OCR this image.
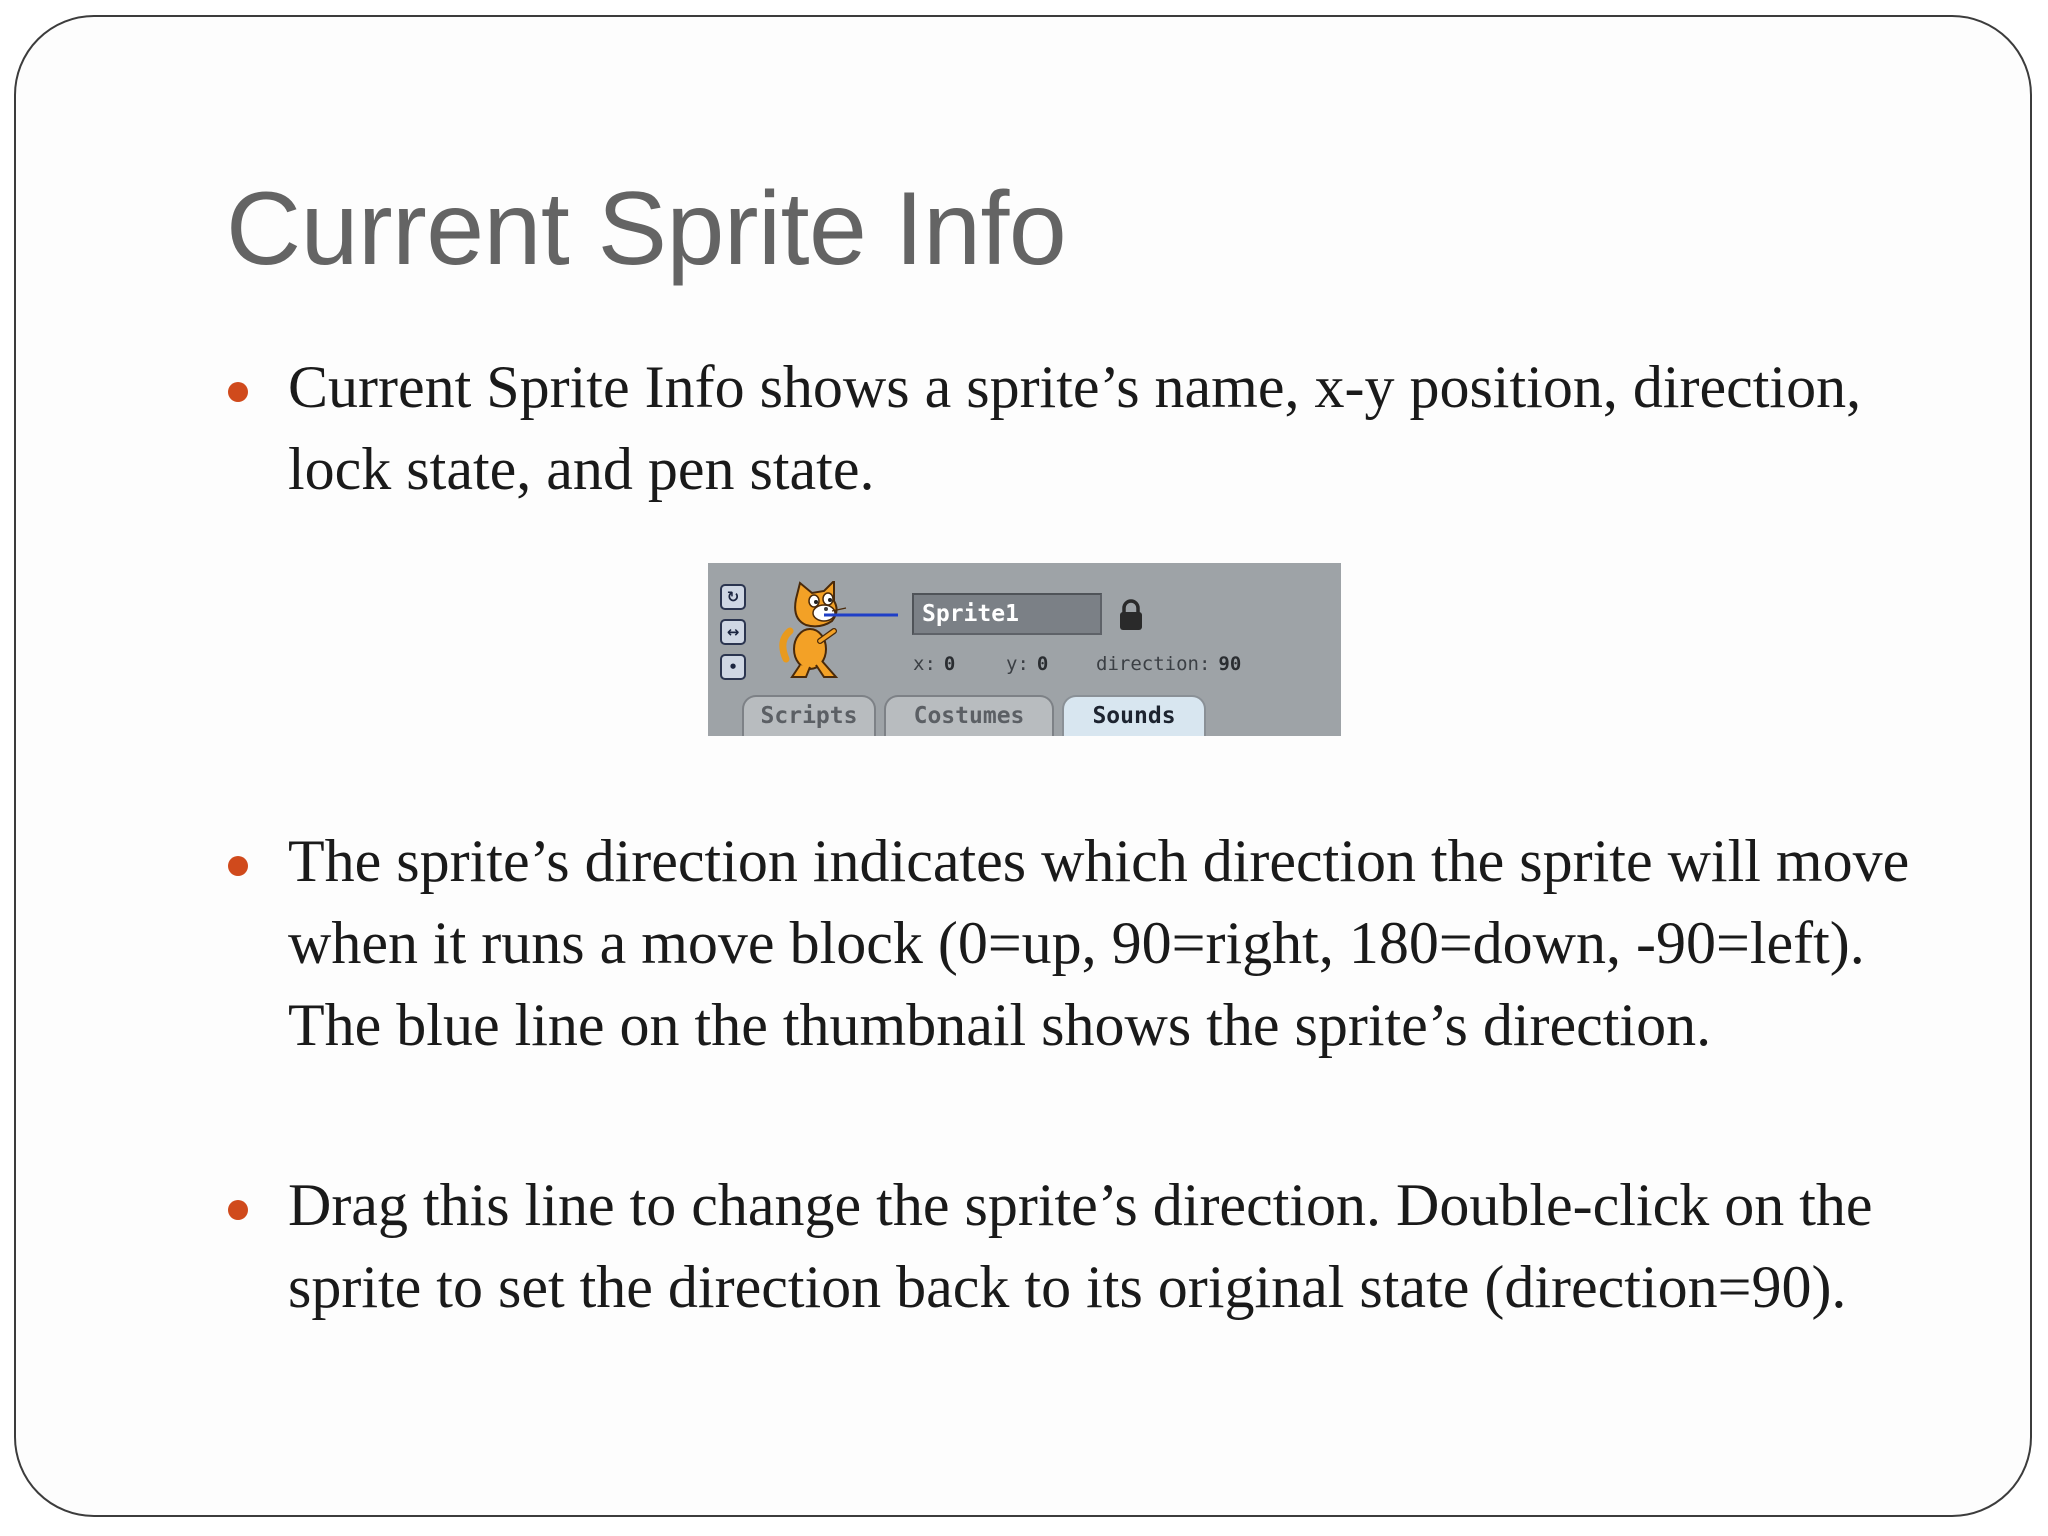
Current Sprite Info
Current Sprite Info shows a sprite’s name, x-y position, direction, lock state, and pen state.
↻
↔
•
Sprite1
x: 0	y: 0	direction: 90
Scripts	Costumes	Sounds
The sprite’s direction indicates which direction the sprite will move when it runs a move block (0=up, 90=right, 180=down, -90=left). The blue line on the thumbnail shows the sprite’s direction.
Drag this line to change the sprite’s direction. Double-click on the sprite to set the direction back to its original state (direction=90).
